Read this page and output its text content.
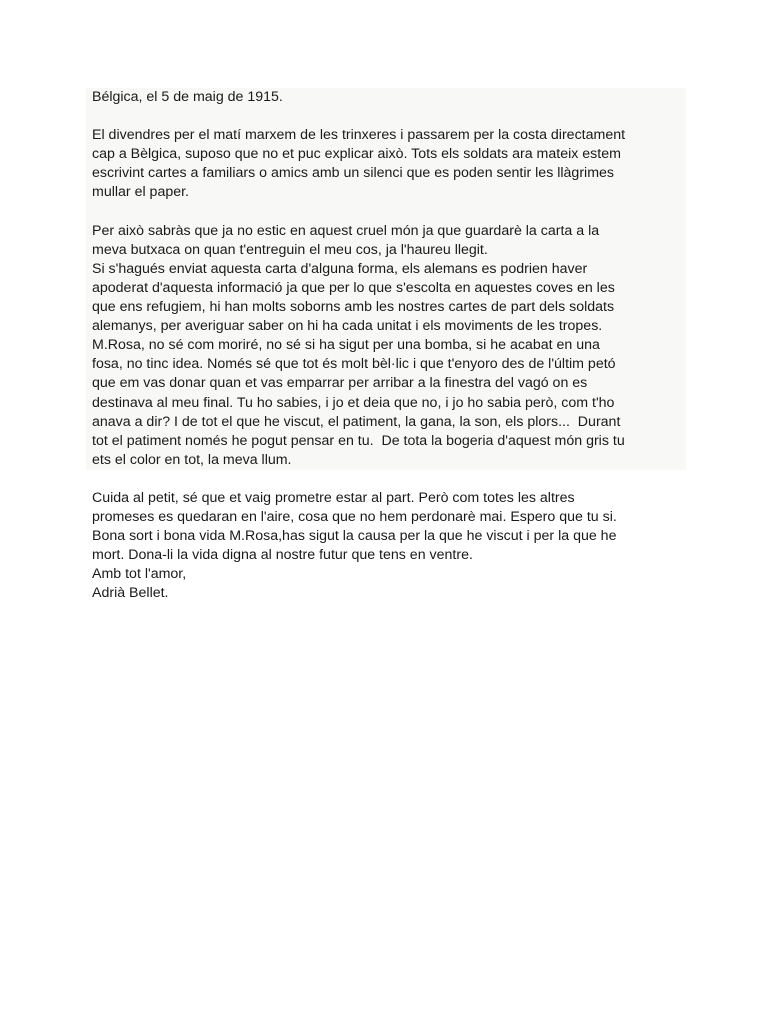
Bélgica, el 5 de maig de 1915.
El divendres per el matí marxem de les trinxeres i passarem per la costa directament
cap a Bèlgica, suposo que no et puc explicar això. Tots els soldats ara mateix estem
escrivint cartes a familiars o amics amb un silenci que es poden sentir les llàgrimes
mullar el paper.
Per això sabràs que ja no estic en aquest cruel món ja que guardarè la carta a la
meva butxaca on quan t'entreguin el meu cos, ja l'haureu llegit.
Si s'hagués enviat aquesta carta d'alguna forma, els alemans es podrien haver
apoderat d'aquesta informació ja que per lo que s'escolta en aquestes coves en les
que ens refugiem, hi han molts soborns amb les nostres cartes de part dels soldats
alemanys, per averiguar saber on hi ha cada unitat i els moviments de les tropes.
M.Rosa, no sé com moriré, no sé si ha sigut per una bomba, si he acabat en una
fosa, no tinc idea. Només sé que tot és molt bèl·lic i que t'enyoro des de l'últim petó
que em vas donar quan et vas emparrar per arribar a la finestra del vagó on es
destinava al meu final. Tu ho sabies, i jo et deia que no, i jo ho sabia però, com t'ho
anava a dir? I de tot el que he viscut, el patiment, la gana, la son, els plors...  Durant
tot el patiment només he pogut pensar en tu.  De tota la bogeria d'aquest món gris tu
ets el color en tot, la meva llum.
Cuida al petit, sé que et vaig prometre estar al part. Però com totes les altres
promeses es quedaran en l'aire, cosa que no hem perdonarè mai. Espero que tu si.
Bona sort i bona vida M.Rosa,has sigut la causa per la que he viscut i per la que he
mort. Dona-li la vida digna al nostre futur que tens en ventre.
Amb tot l'amor,
Adrià Bellet.
